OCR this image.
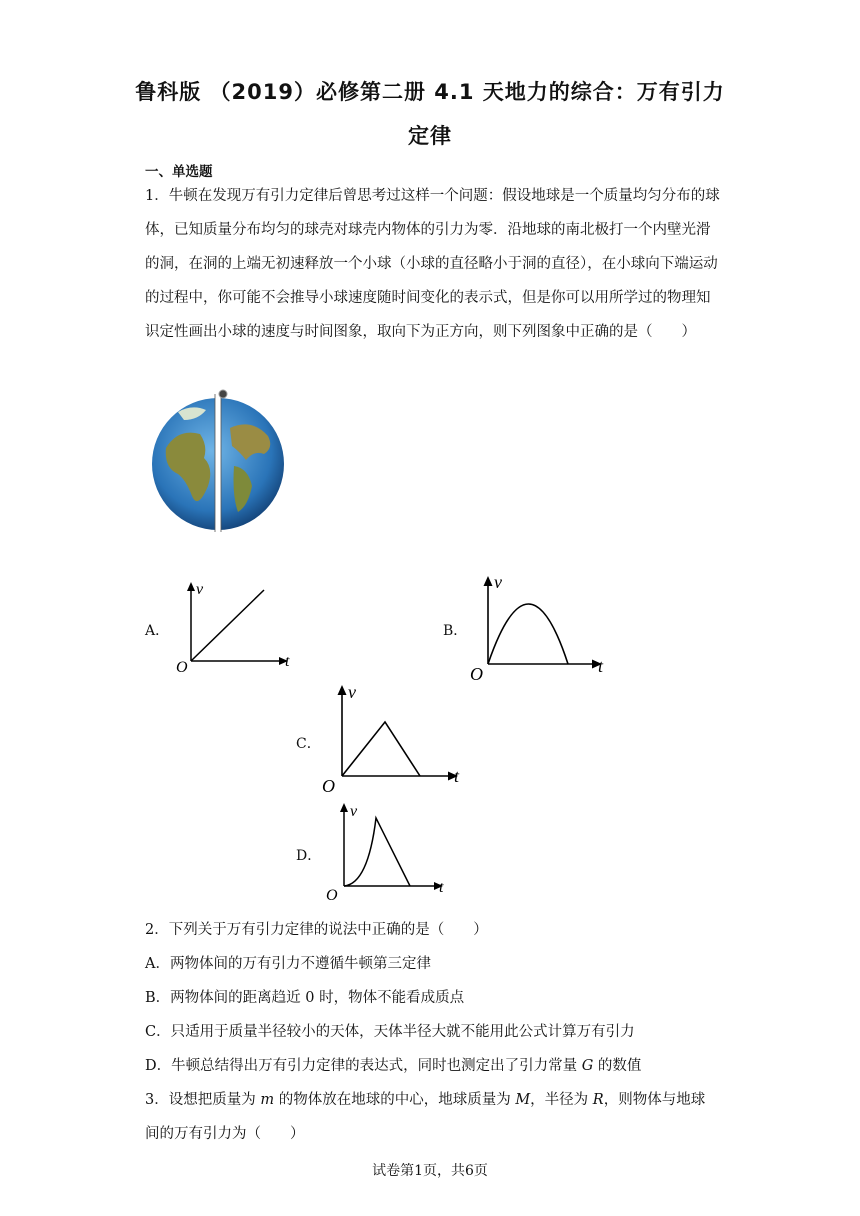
鲁科版 （2019）必修第二册 4.1 天地力的综合：万有引力
定律
一、单选题

1．牛顿在发现万有引力定律后曾思考过这样一个问题：假设地球是一个质量均匀分布的球体，已知质量分布均匀的球壳对球壳内物体的引力为零．沿地球的南北极打一个内壁光滑的洞，在洞的上端无初速释放一个小球（小球的直径略小于洞的直径），在小球向下端运动的过程中，你可能不会推导小球速度随时间变化的表示式，但是你可以用所学过的物理知识定性画出小球的速度与时间图象，取向下为正方向，则下列图象中正确的是（　　）

A．
v
t
O
B．
v
t
O
C．
v
t
O
D．
v
t
O
2．下列关于万有引力定律的说法中正确的是（　　）
A．两物体间的万有引力不遵循牛顿第三定律
B．两物体间的距离趋近 0 时，物体不能看成质点
C．只适用于质量半径较小的天体，天体半径大就不能用此公式计算万有引力
D．牛顿总结得出万有引力定律的表达式，同时也测定出了引力常量 G 的数值
3．设想把质量为 m 的物体放在地球的中心，地球质量为 M，半径为 R，则物体与地球
间的万有引力为（　　）
试卷第1页，共6页
